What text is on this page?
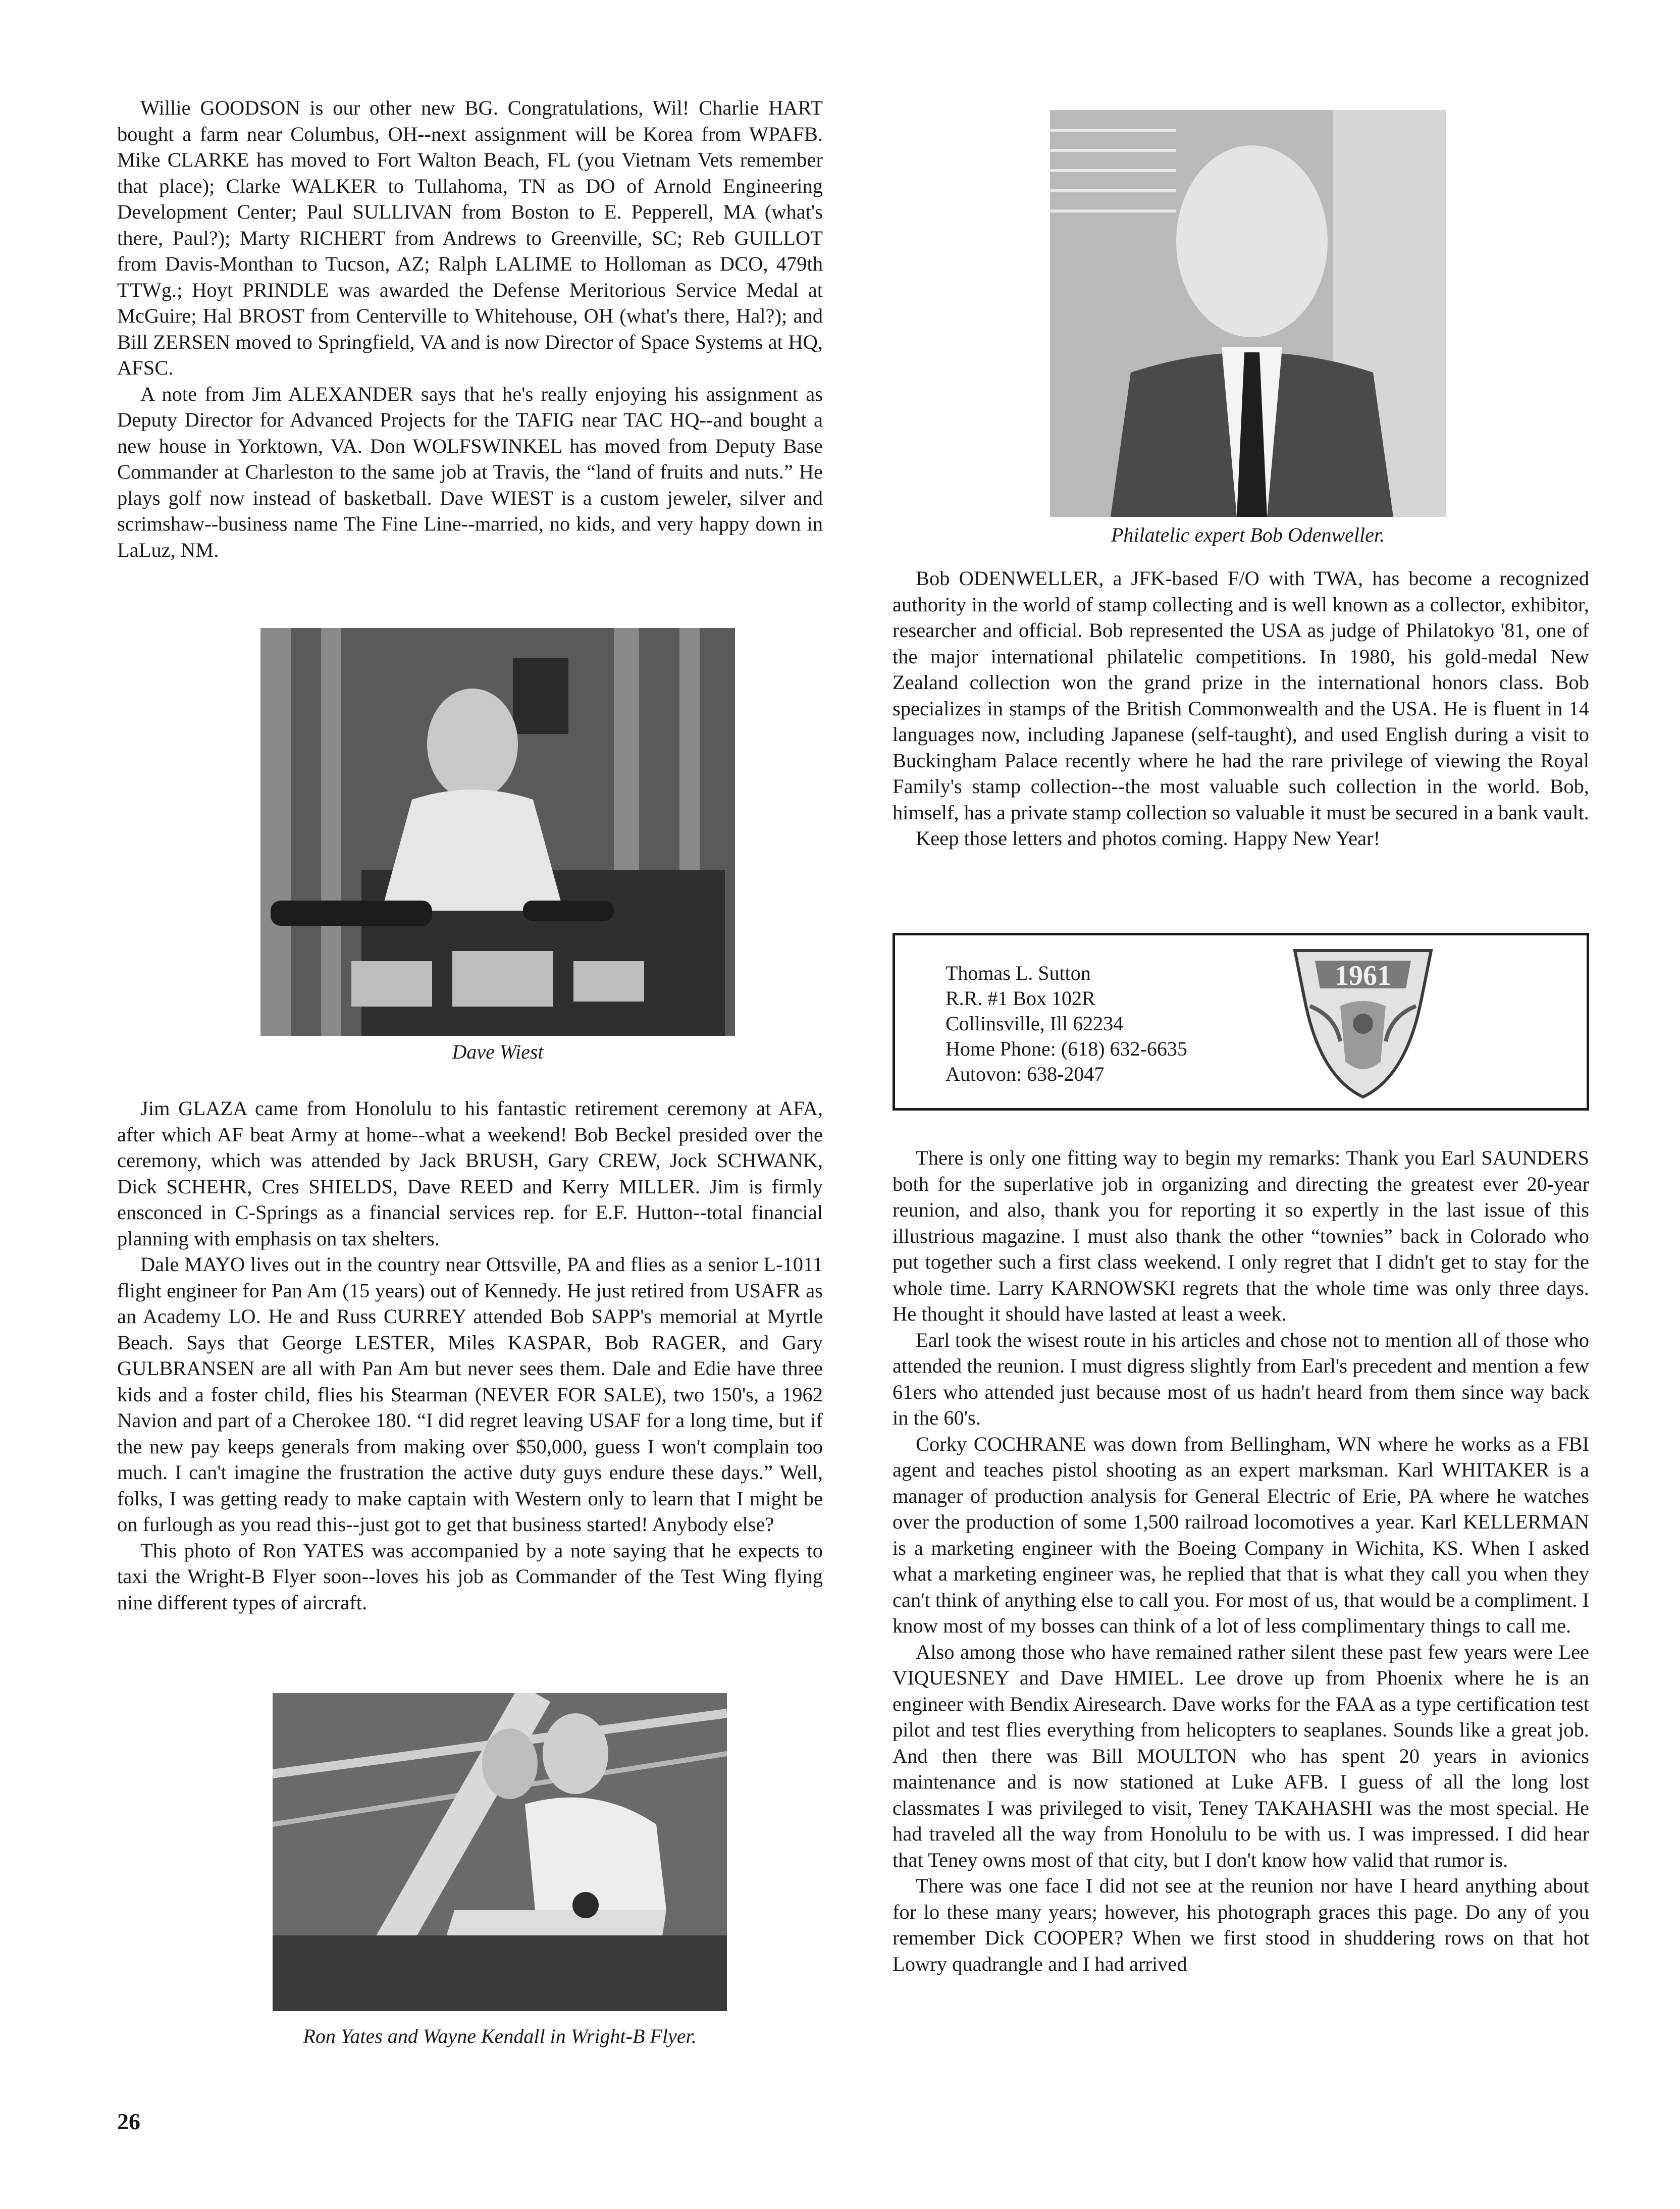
Willie GOODSON is our other new BG. Congratulations, Wil! Charlie HART bought a farm near Columbus, OH--next assignment will be Korea from WPAFB. Mike CLARKE has moved to Fort Walton Beach, FL (you Vietnam Vets remember that place); Clarke WALKER to Tullahoma, TN as DO of Arnold Engineering Development Center; Paul SULLIVAN from Boston to E. Pepperell, MA (what's there, Paul?); Marty RICHERT from Andrews to Greenville, SC; Reb GUILLOT from Davis-Monthan to Tucson, AZ; Ralph LALIME to Holloman as DCO, 479th TTWg.; Hoyt PRINDLE was awarded the Defense Meritorious Service Medal at McGuire; Hal BROST from Centerville to Whitehouse, OH (what's there, Hal?); and Bill ZERSEN moved to Springfield, VA and is now Director of Space Systems at HQ, AFSC.

A note from Jim ALEXANDER says that he's really enjoying his assignment as Deputy Director for Advanced Projects for the TAFIG near TAC HQ--and bought a new house in Yorktown, VA. Don WOLFSWINKEL has moved from Deputy Base Commander at Charleston to the same job at Travis, the “land of fruits and nuts.” He plays golf now instead of basketball. Dave WIEST is a custom jeweler, silver and scrimshaw--business name The Fine Line--married, no kids, and very happy down in LaLuz, NM.

Dave Wiest

Jim GLAZA came from Honolulu to his fantastic retirement ceremony at AFA, after which AF beat Army at home--what a weekend! Bob Beckel presided over the ceremony, which was attended by Jack BRUSH, Gary CREW, Jock SCHWANK, Dick SCHEHR, Cres SHIELDS, Dave REED and Kerry MILLER. Jim is firmly ensconced in C-Springs as a financial services rep. for E.F. Hutton--total financial planning with emphasis on tax shelters.

Dale MAYO lives out in the country near Ottsville, PA and flies as a senior L-1011 flight engineer for Pan Am (15 years) out of Kennedy. He just retired from USAFR as an Academy LO. He and Russ CURREY attended Bob SAPP's memorial at Myrtle Beach. Says that George LESTER, Miles KASPAR, Bob RAGER, and Gary GULBRANSEN are all with Pan Am but never sees them. Dale and Edie have three kids and a foster child, flies his Stearman (NEVER FOR SALE), two 150's, a 1962 Navion and part of a Cherokee 180. “I did regret leaving USAF for a long time, but if the new pay keeps generals from making over $50,000, guess I won't complain too much. I can't imagine the frustration the active duty guys endure these days.” Well, folks, I was getting ready to make captain with Western only to learn that I might be on furlough as you read this--just got to get that business started! Anybody else?

This photo of Ron YATES was accompanied by a note saying that he expects to taxi the Wright-B Flyer soon--loves his job as Commander of the Test Wing flying nine different types of aircraft.

Ron Yates and Wayne Kendall in Wright-B Flyer.
Philatelic expert Bob Odenweller.

Bob ODENWELLER, a JFK-based F/O with TWA, has become a recognized authority in the world of stamp collecting and is well known as a collector, exhibitor, researcher and official. Bob represented the USA as judge of Philatokyo '81, one of the major international philatelic competitions. In 1980, his gold-medal New Zealand collection won the grand prize in the international honors class. Bob specializes in stamps of the British Commonwealth and the USA. He is fluent in 14 languages now, including Japanese (self-taught), and used English during a visit to Buckingham Palace recently where he had the rare privilege of viewing the Royal Family's stamp collection--the most valuable such collection in the world. Bob, himself, has a private stamp collection so valuable it must be secured in a bank vault.

Keep those letters and photos coming. Happy New Year!

Thomas L. Sutton
R.R. #1 Box 102R
Collinsville, Ill 62234
Home Phone: (618) 632-6635
Autovon: 638-2047
1961

There is only one fitting way to begin my remarks: Thank you Earl SAUNDERS both for the superlative job in organizing and directing the greatest ever 20-year reunion, and also, thank you for reporting it so expertly in the last issue of this illustrious magazine. I must also thank the other “townies” back in Colorado who put together such a first class weekend. I only regret that I didn't get to stay for the whole time. Larry KARNOWSKI regrets that the whole time was only three days. He thought it should have lasted at least a week.

Earl took the wisest route in his articles and chose not to mention all of those who attended the reunion. I must digress slightly from Earl's precedent and mention a few 61ers who attended just because most of us hadn't heard from them since way back in the 60's.

Corky COCHRANE was down from Bellingham, WN where he works as a FBI agent and teaches pistol shooting as an expert marksman. Karl WHITAKER is a manager of production analysis for General Electric of Erie, PA where he watches over the production of some 1,500 railroad locomotives a year. Karl KELLERMAN is a marketing engineer with the Boeing Company in Wichita, KS. When I asked what a marketing engineer was, he replied that that is what they call you when they can't think of anything else to call you. For most of us, that would be a compliment. I know most of my bosses can think of a lot of less complimentary things to call me.

Also among those who have remained rather silent these past few years were Lee VIQUESNEY and Dave HMIEL. Lee drove up from Phoenix where he is an engineer with Bendix Airesearch. Dave works for the FAA as a type certification test pilot and test flies everything from helicopters to seaplanes. Sounds like a great job. And then there was Bill MOULTON who has spent 20 years in avionics maintenance and is now stationed at Luke AFB. I guess of all the long lost classmates I was privileged to visit, Teney TAKAHASHI was the most special. He had traveled all the way from Honolulu to be with us. I was impressed. I did hear that Teney owns most of that city, but I don't know how valid that rumor is.

There was one face I did not see at the reunion nor have I heard anything about for lo these many years; however, his photograph graces this page. Do any of you remember Dick COOPER? When we first stood in shuddering rows on that hot Lowry quadrangle and I had arrived

26
